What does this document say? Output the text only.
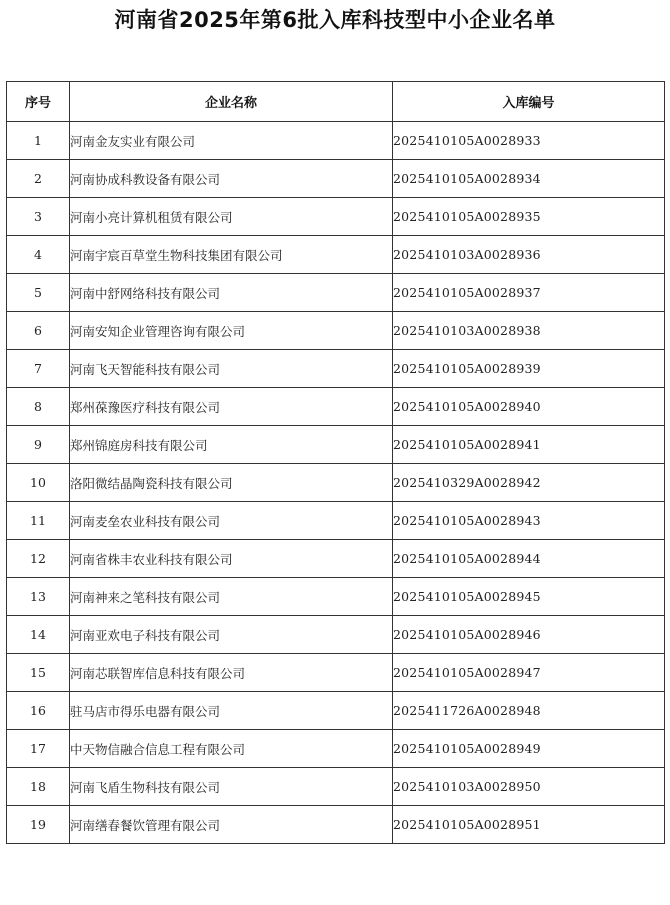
河南省2025年第6批入库科技型中小企业名单
序号	企业名称	入库编号
1	河南金友实业有限公司	2025410105A0028933
2	河南协成科教设备有限公司	2025410105A0028934
3	河南小亮计算机租赁有限公司	2025410105A0028935
4	河南宇宸百草堂生物科技集团有限公司	2025410103A0028936
5	河南中舒网络科技有限公司	2025410105A0028937
6	河南安知企业管理咨询有限公司	2025410103A0028938
7	河南飞天智能科技有限公司	2025410105A0028939
8	郑州葆豫医疗科技有限公司	2025410105A0028940
9	郑州锦庭房科技有限公司	2025410105A0028941
10	洛阳微结晶陶瓷科技有限公司	2025410329A0028942
11	河南麦垒农业科技有限公司	2025410105A0028943
12	河南省株丰农业科技有限公司	2025410105A0028944
13	河南神来之笔科技有限公司	2025410105A0028945
14	河南亚欢电子科技有限公司	2025410105A0028946
15	河南芯联智库信息科技有限公司	2025410105A0028947
16	驻马店市得乐电器有限公司	2025411726A0028948
17	中天物信融合信息工程有限公司	2025410105A0028949
18	河南飞盾生物科技有限公司	2025410103A0028950
19	河南缮春餐饮管理有限公司	2025410105A0028951
